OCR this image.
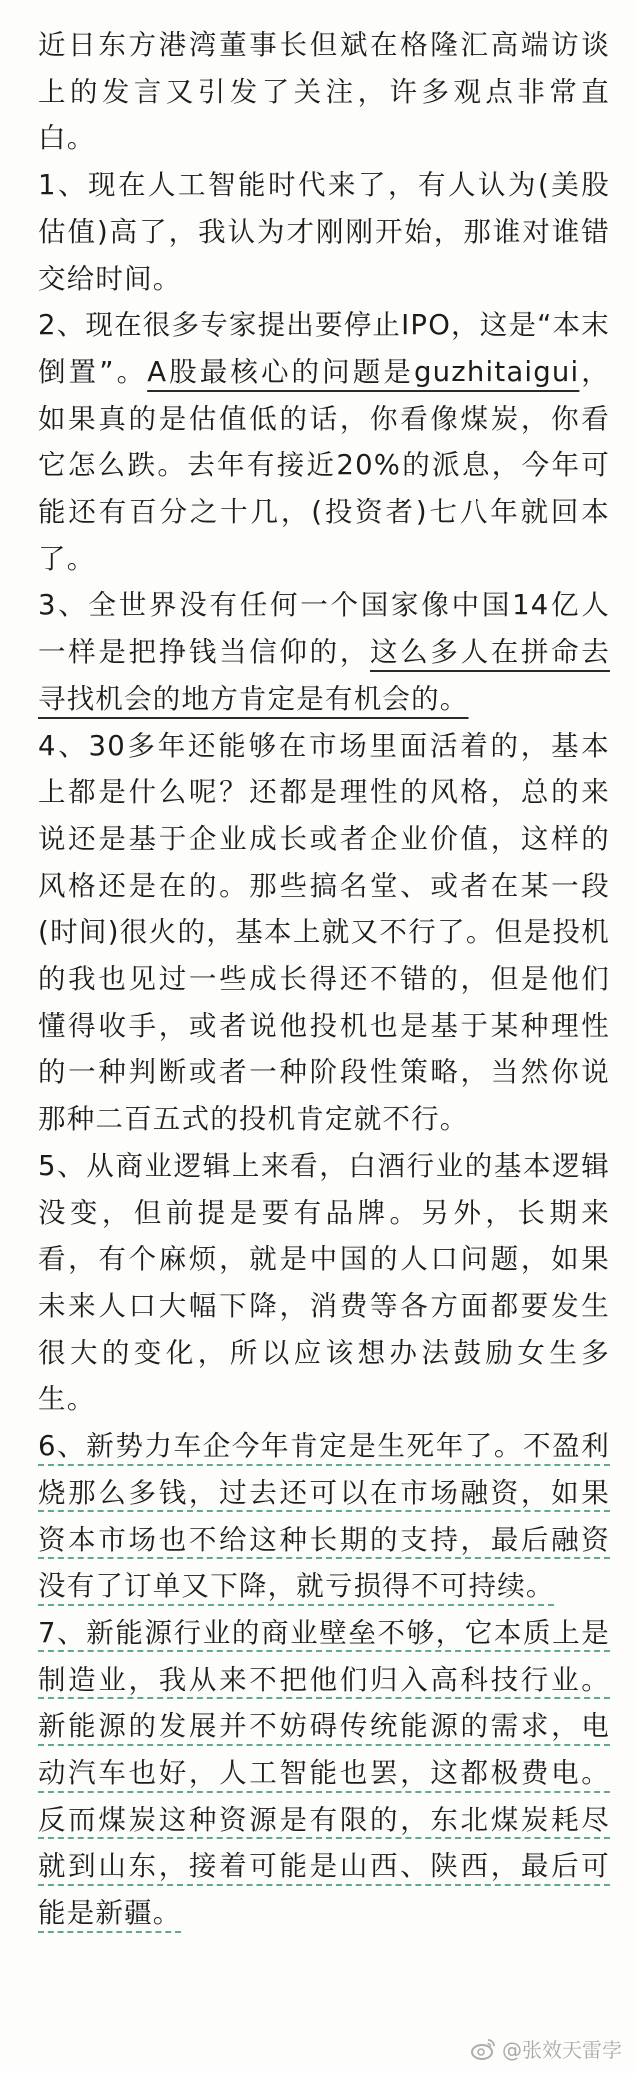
近日东方港湾董事长但斌在格隆汇高端访谈上的发言又引发了关注，许多观点非常直白。

1、现在人工智能时代来了，有人认为(美股估值)高了，我认为才刚刚开始，那谁对谁错交给时间。

2、现在很多专家提出要停止IPO，这是“本末倒置”。A股最核心的问题是guzhitaigui，如果真的是估值低的话，你看像煤炭，你看它怎么跌。去年有接近20%的派息，今年可能还有百分之十几，(投资者)七八年就回本了。

3、全世界没有任何一个国家像中国14亿人一样是把挣钱当信仰的，这么多人在拼命去寻找机会的地方肯定是有机会的。

4、30多年还能够在市场里面活着的，基本上都是什么呢？还都是理性的风格，总的来说还是基于企业成长或者企业价值，这样的风格还是在的。那些搞名堂、或者在某一段(时间)很火的，基本上就又不行了。但是投机的我也见过一些成长得还不错的，但是他们懂得收手，或者说他投机也是基于某种理性的一种判断或者一种阶段性策略，当然你说那种二百五式的投机肯定就不行。

5、从商业逻辑上来看，白酒行业的基本逻辑没变，但前提是要有品牌。另外，长期来看，有个麻烦，就是中国的人口问题，如果未来人口大幅下降，消费等各方面都要发生很大的变化，所以应该想办法鼓励女生多生。

6、新势力车企今年肯定是生死年了。不盈利烧那么多钱，过去还可以在市场融资，如果资本市场也不给这种长期的支持，最后融资没有了订单又下降，就亏损得不可持续。

7、新能源行业的商业壁垒不够，它本质上是制造业，我从来不把他们归入高科技行业。新能源的发展并不妨碍传统能源的需求，电动汽车也好，人工智能也罢，这都极费电。反而煤炭这种资源是有限的，东北煤炭耗尽就到山东，接着可能是山西、陕西，最后可能是新疆。

@张效天雷孛
